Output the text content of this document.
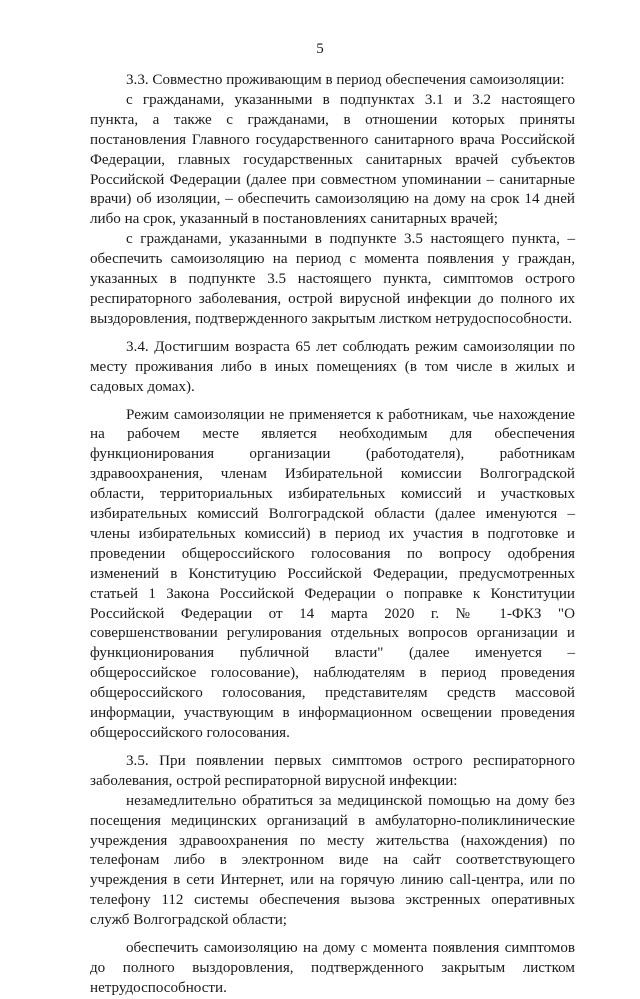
5

3.3. Совместно проживающим в период обеспечения самоизоляции:

с гражданами, указанными в подпунктах 3.1 и 3.2 настоящего пункта, а также с гражданами, в отношении которых приняты постановления Главного государственного санитарного врача Российской Федерации, главных государственных санитарных врачей субъектов Российской Федерации (далее при совместном упоминании – санитарные врачи) об изоляции, – обеспечить самоизоляцию на дому на срок 14 дней либо на срок, указанный в постановлениях санитарных врачей;

с гражданами, указанными в подпункте 3.5 настоящего пункта, – обеспечить самоизоляцию на период с момента появления у граждан, указанных в подпункте 3.5 настоящего пункта, симптомов острого респираторного заболевания, острой вирусной инфекции до полного их выздоровления, подтвержденного закрытым листком нетрудоспособности.

3.4. Достигшим возраста 65 лет соблюдать режим самоизоляции по месту проживания либо в иных помещениях (в том числе в жилых и садовых домах).

Режим самоизоляции не применяется к работникам, чье нахождение на рабочем месте является необходимым для обеспечения функционирования организации (работодателя), работникам здравоохранения, членам Избирательной комиссии Волгоградской области, территориальных избирательных комиссий и участковых избирательных комиссий Волгоградской области (далее именуются – члены избирательных комиссий) в период их участия в подготовке и проведении общероссийского голосования по вопросу одобрения изменений в Конституцию Российской Федерации, предусмотренных статьей 1 Закона Российской Федерации о поправке к Конституции Российской Федерации от 14 марта 2020 г. № 1-ФКЗ "О совершенствовании регулирования отдельных вопросов организации и функционирования публичной власти" (далее именуется – общероссийское голосование), наблюдателям в период проведения общероссийского голосования, представителям средств массовой информации, участвующим в информационном освещении проведения общероссийского голосования.

3.5. При появлении первых симптомов острого респираторного заболевания, острой респираторной вирусной инфекции:

незамедлительно обратиться за медицинской помощью на дому без посещения медицинских организаций в амбулаторно-поликлинические учреждения здравоохранения по месту жительства (нахождения) по телефонам либо в электронном виде на сайт соответствующего учреждения в сети Интернет, или на горячую линию call-центра, или по телефону 112 системы обеспечения вызова экстренных оперативных служб Волгоградской области;

обеспечить самоизоляцию на дому с момента появления симптомов до полного выздоровления, подтвержденного закрытым листком нетрудоспособности.
